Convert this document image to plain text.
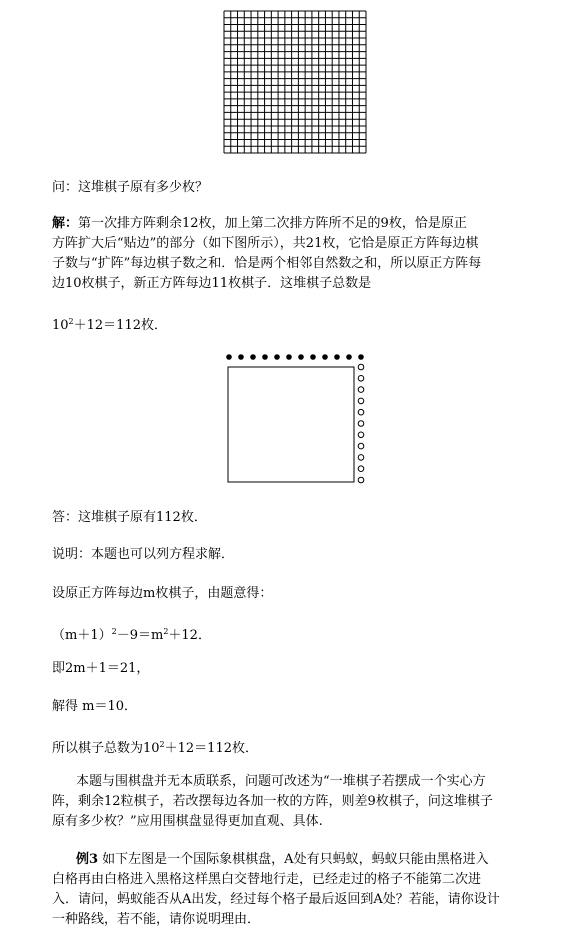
问：这堆棋子原有多少枚？

解：第一次排方阵剩余12枚，加上第二次排方阵所不足的9枚，恰是原正
方阵扩大后“贴边”的部分（如下图所示），共21枚，它恰是原正方阵每边棋
子数与“扩阵”每边棋子数之和．恰是两个相邻自然数之和，所以原正方阵每
边10枚棋子，新正方阵每边11枚棋子．这堆棋子总数是

$10^2+12=112$枚．

答：这堆棋子原有112枚．

说明：本题也可以列方程求解．

设原正方阵每边m枚棋子，由题意得：

$(m+1)^2-9=m^2+12$．

即2m＋1＝21，

解得 m＝10．

所以棋子总数为$10^2+12=112$枚．

本题与围棋盘并无本质联系，问题可改述为“一堆棋子若摆成一个实心方
阵，剩余12粒棋子，若改摆每边各加一枚的方阵，则差9枚棋子，问这堆棋子
原有多少枚？”应用围棋盘显得更加直观、具体.
例3 如下左图是一个国际象棋棋盘，A处有只蚂蚁，蚂蚁只能由黑格进入
白格再由白格进入黑格这样黑白交替地行走，已经走过的格子不能第二次进
入．请问，蚂蚁能否从A出发，经过每个格子最后返回到A处？若能，请你设计
一种路线，若不能，请你说明理由．
